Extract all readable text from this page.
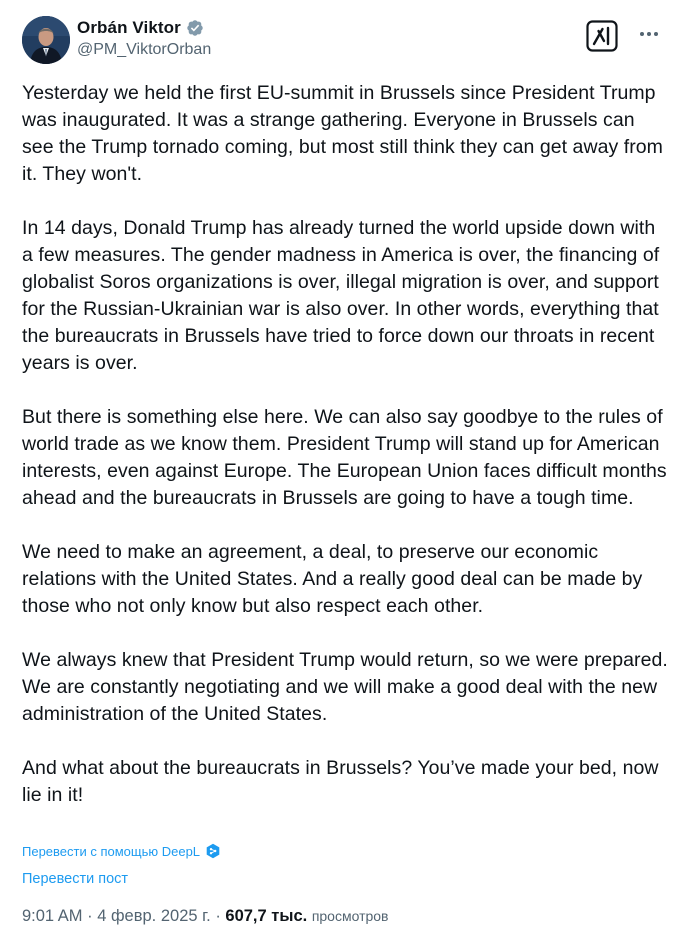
Orbán Viktor
@PM_ViktorOrban

Yesterday we held the first EU-summit in Brussels since President Trump was inaugurated. It was a strange gathering. Everyone in Brussels can see the Trump tornado coming, but most still think they can get away from it. They won't.

In 14 days, Donald Trump has already turned the world upside down with a few measures. The gender madness in America is over, the financing of globalist Soros organizations is over, illegal migration is over, and support for the Russian-Ukrainian war is also over. In other words, everything that the bureaucrats in Brussels have tried to force down our throats in recent years is over.

But there is something else here. We can also say goodbye to the rules of world trade as we know them. President Trump will stand up for American interests, even against Europe. The European Union faces difficult months ahead and the bureaucrats in Brussels are going to have a tough time.

We need to make an agreement, a deal, to preserve our economic relations with the United States. And a really good deal can be made by those who not only know but also respect each other.

We always knew that President Trump would return, so we were prepared. We are constantly negotiating and we will make a good deal with the new administration of the United States.

And what about the bureaucrats in Brussels? You’ve made your bed, now lie in it!

Перевести с помощью DeepL
Перевести пост
9:01 AM · 4 февр. 2025 г. · 607,7 тыс. просмотров
